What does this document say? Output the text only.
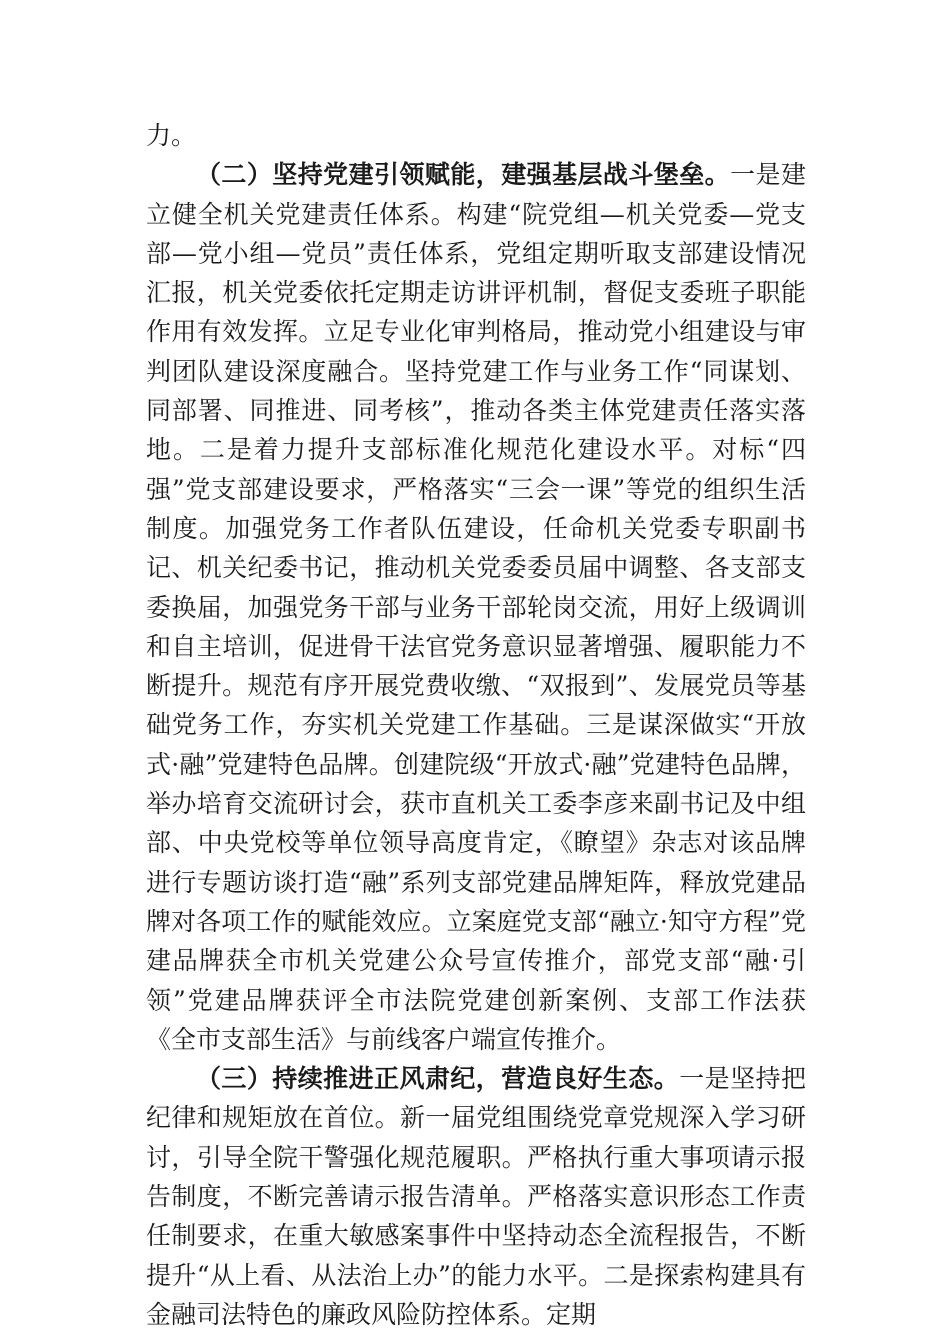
力。

（二）坚持党建引领赋能，建强基层战斗堡垒。一是建立健全机关党建责任体系。构建“院党组—机关党委—党支部—党小组—党员”责任体系，党组定期听取支部建设情况汇报，机关党委依托定期走访讲评机制，督促支委班子职能作用有效发挥。立足专业化审判格局，推动党小组建设与审判团队建设深度融合。坚持党建工作与业务工作“同谋划、同部署、同推进、同考核”，推动各类主体党建责任落实落地。二是着力提升支部标准化规范化建设水平。对标“四强”党支部建设要求，严格落实“三会一课”等党的组织生活制度。加强党务工作者队伍建设，任命机关党委专职副书记、机关纪委书记，推动机关党委委员届中调整、各支部支委换届，加强党务干部与业务干部轮岗交流，用好上级调训和自主培训，促进骨干法官党务意识显著增强、履职能力不断提升。规范有序开展党费收缴、“双报到”、发展党员等基础党务工作，夯实机关党建工作基础。三是谋深做实“开放式·融”党建特色品牌。创建院级“开放式·融”党建特色品牌，举办培育交流研讨会，获市直机关工委李彦来副书记及中组部、中央党校等单位领导高度肯定，《瞭望》杂志对该品牌进行专题访谈打造“融”系列支部党建品牌矩阵，释放党建品牌对各项工作的赋能效应。立案庭党支部“融立·知守方程”党建品牌获全市机关党建公众号宣传推介，部党支部“融·引领”党建品牌获评全市法院党建创新案例、支部工作法获《全市支部生活》与前线客户端宣传推介。

（三）持续推进正风肃纪，营造良好生态。一是坚持把纪律和规矩放在首位。新一届党组围绕党章党规深入学习研讨，引导全院干警强化规范履职。严格执行重大事项请示报告制度，不断完善请示报告清单。严格落实意识形态工作责任制要求，在重大敏感案事件中坚持动态全流程报告，不断提升“从上看、从法治上办”的能力水平。二是探索构建具有金融司法特色的廉政风险防控体系。定期
